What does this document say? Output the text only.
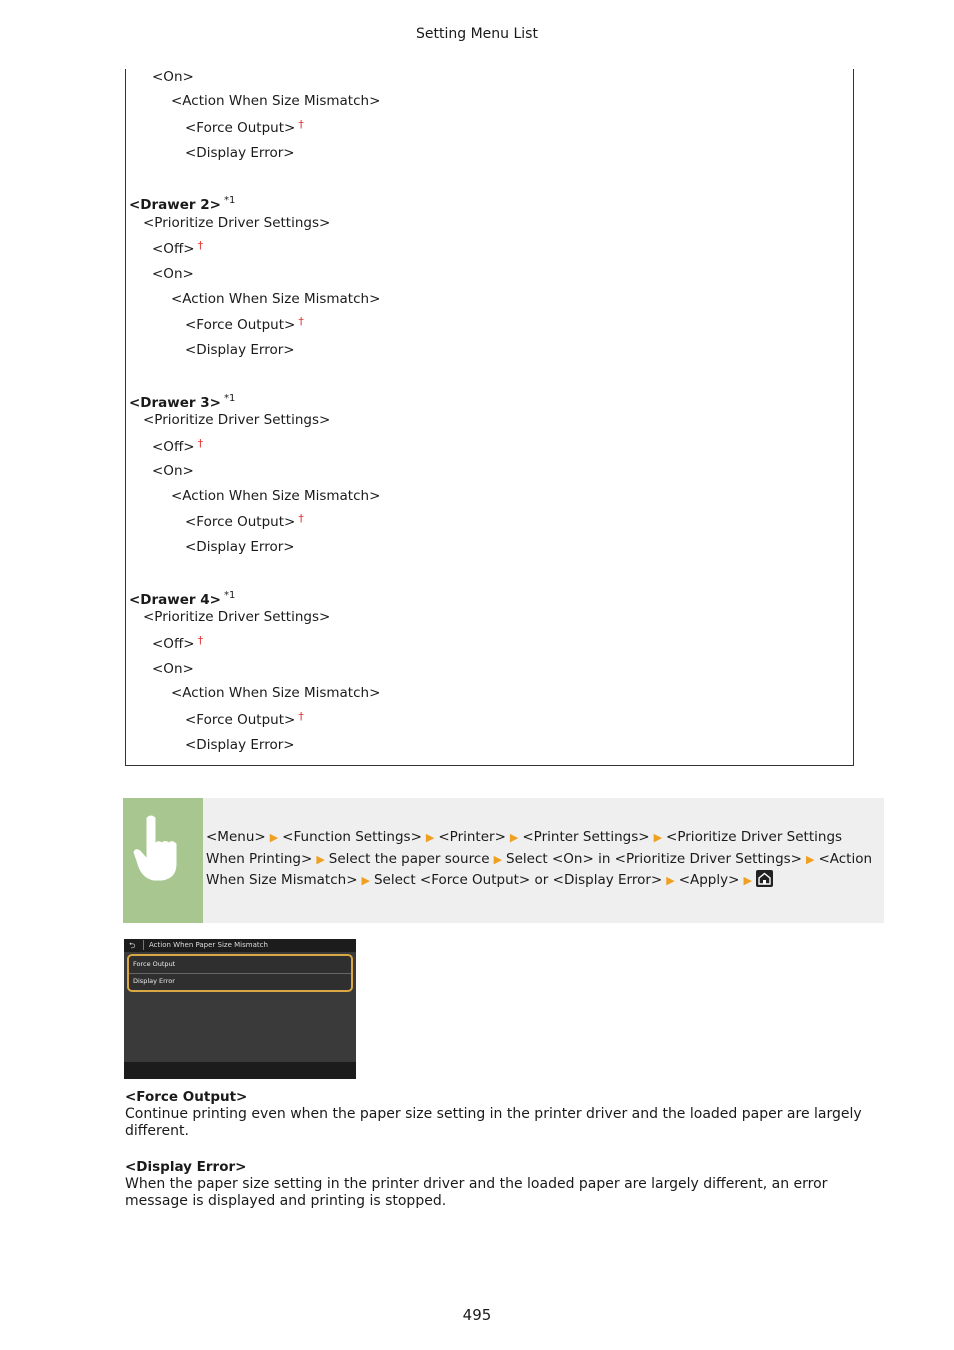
Setting Menu List
<On>
<Action When Size Mismatch>
<Force Output> †
<Display Error>
<Drawer 2> $^{*1}$
<Prioritize Driver Settings>
<Off> †
<On>
<Action When Size Mismatch>
<Force Output> †
<Display Error>
<Drawer 3> $^{*1}$
<Prioritize Driver Settings>
<Off> †
<On>
<Action When Size Mismatch>
<Force Output> †
<Display Error>
<Drawer 4> $^{*1}$
<Prioritize Driver Settings>
<Off> †
<On>
<Action When Size Mismatch>
<Force Output> †
<Display Error>
<Menu> ▶ <Function Settings> ▶ <Printer> ▶ <Printer Settings> ▶ <Prioritize Driver Settings When Printing> ▶ Select the paper source ▶ Select <On> in <Prioritize Driver Settings> ▶ <Action When Size Mismatch> ▶ Select <Force Output> or <Display Error> ▶ <Apply> ▶
⮌ Action When Paper Size Mismatch
Force Output
Display Error
<Force Output>
Continue printing even when the paper size setting in the printer driver and the loaded paper are largely different.
<Display Error>
When the paper size setting in the printer driver and the loaded paper are largely different, an error message is displayed and printing is stopped.
495
